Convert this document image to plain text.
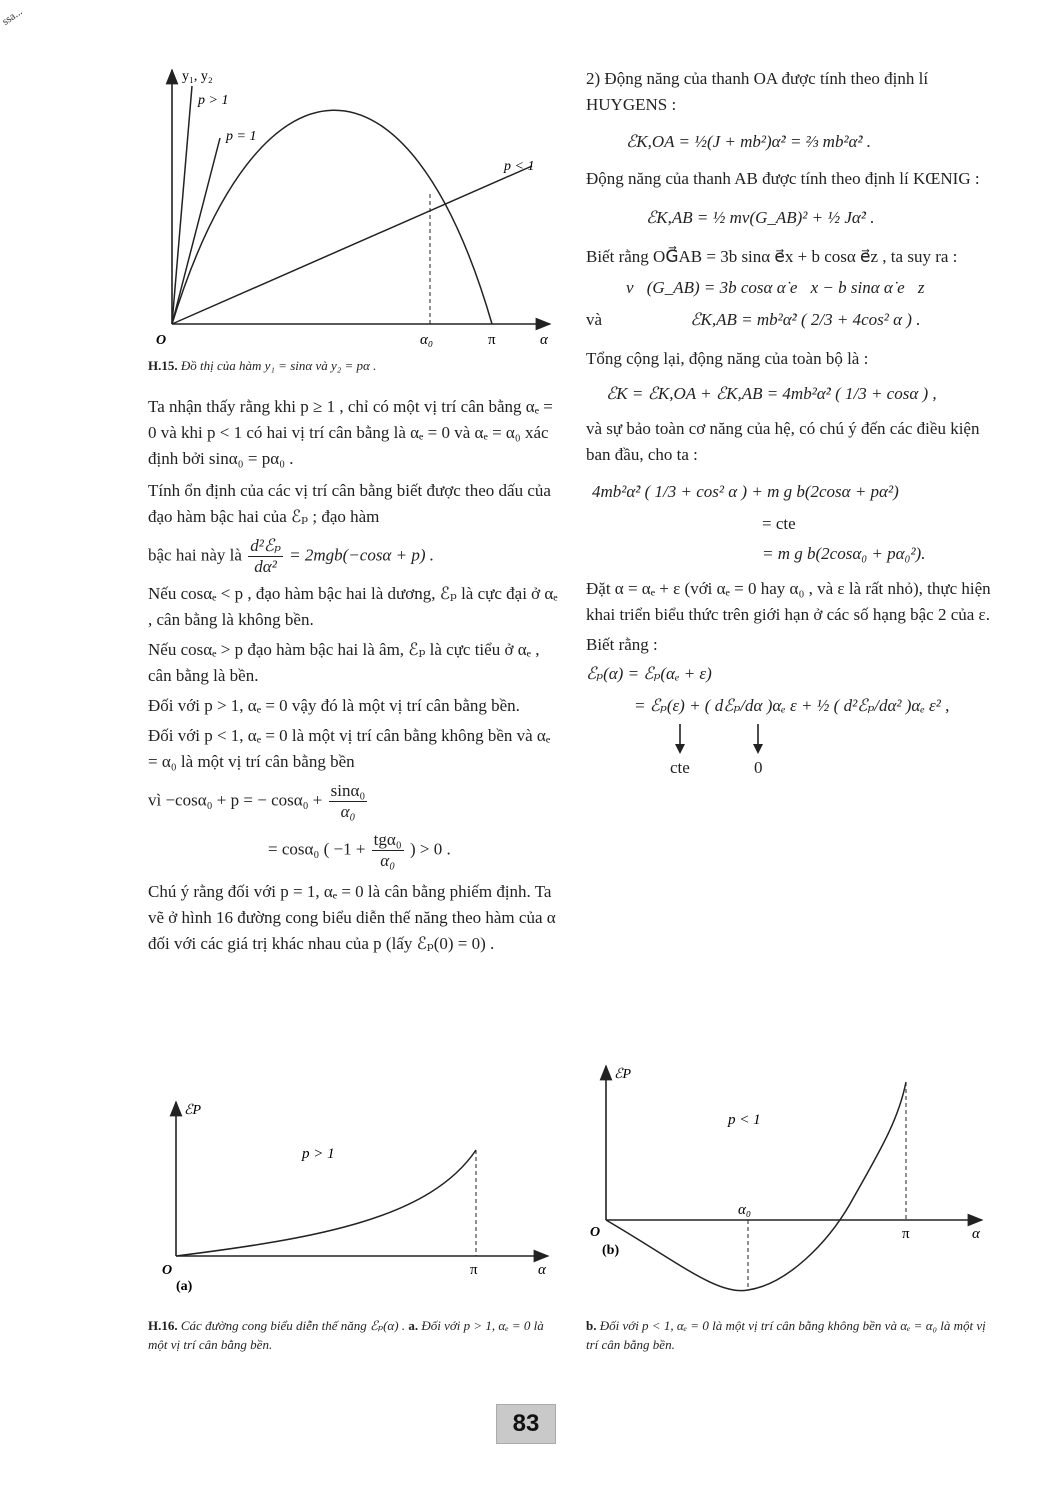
ssa...
y₁, y₂
p > 1
p = 1
p < 1
O	α₀	π	α
H.15. Đồ thị của hàm y₁ = sinα và y₂ = pα .

Ta nhận thấy rằng khi p ≥ 1 , chỉ có một vị trí cân bằng αₑ = 0 và khi p < 1 có hai vị trí cân bằng là αₑ = 0 và αₑ = α₀ xác định bởi sinα₀ = pα₀ .

Tính ổn định của các vị trí cân bằng biết được theo dấu của đạo hàm bậc hai của ℰₚ ; đạo hàm

bậc hai này là $\frac{\text{d²ℰₚ}}{\text{dα²}} = 2mgb(-\cos\alpha + p)$ .

Nếu cosαₑ < p , đạo hàm bậc hai là dương, ℰₚ là cực đại ở αₑ , cân bằng là không bền.

Nếu cosαₑ > p đạo hàm bậc hai là âm, ℰₚ là cực tiểu ở αₑ , cân bằng là bền.

Đối với p > 1, αₑ = 0 vậy đó là một vị trí cân bằng bền.

Đối với p < 1, αₑ = 0 là một vị trí cân bằng không bền và αₑ = α₀ là một vị trí cân bằng bền

vì −cosα₀ + p = − $\cos\alpha_0 + \frac{\text{sinα₀}}{\text{α₀}}$
= cosα₀ ( $-1 + \frac{\text{tgα₀}}{\text{α₀}}$ ) > 0 .

Chú ý rằng đối với p = 1, αₑ = 0 là cân bằng phiếm định. Ta vẽ ở hình 16 đường cong biểu diễn thế năng theo hàm của α đối với các giá trị khác nhau của p (lấy ℰₚ(0) = 0) .

2) Động năng của thanh OA được tính theo định lí HUYGENS :

ℰK,OA = ½(J + mb²)α̇² = ⅔ mb²α̇² .

Động năng của thanh AB được tính theo định lí KŒNIG :

ℰK,AB = ½ mv(G_AB)² + ½ Jα̇² .

Biết rằng OG⃗AB = 3b sinα e⃗x + b cosα e⃗z , ta suy ra :

v⃗(G_AB) = 3b cosα α̇ e⃗x − b sinα α̇ e⃗z
và	ℰK,AB = mb²α̇² ( 2/3 + 4cos² α ) .

Tổng cộng lại, động năng của toàn bộ là :

ℰK = ℰK,OA + ℰK,AB = 4mb²α̇² ( 1/3 + cosα ) ,

và sự bảo toàn cơ năng của hệ, có chú ý đến các điều kiện ban đầu, cho ta :

4mb²α̇² ( 1/3 + cos² α ) + m g b(2cosα + pα²)
= cte
= m g b(2cosα₀ + pα₀²).

Đặt α = αₑ + ε (với αₑ = 0 hay α₀ , và ε là rất nhỏ), thực hiện khai triển biểu thức trên giới hạn ở các số hạng bậc 2 của ε.

Biết rằng :

ℰₚ(α) = ℰₚ(αₑ + ε)
= ℰₚ(ε) + ( dℰₚ/dα )αₑ ε + ½ ( d²ℰₚ/dα² )αₑ ε² ,
cte	0
ℰP
p > 1
O	π	α
(a)
ℰP
p < 1
α₀
O	π	α
(b)
H.16. Các đường cong biểu diễn thế năng ℰₚ(α) . a. Đối với p > 1, αₑ = 0 là một vị trí cân bằng bền.
b. Đối với p < 1, αₑ = 0 là một vị trí cân bằng không bền và αₑ = α₀ là một vị trí cân bằng bền.
83
